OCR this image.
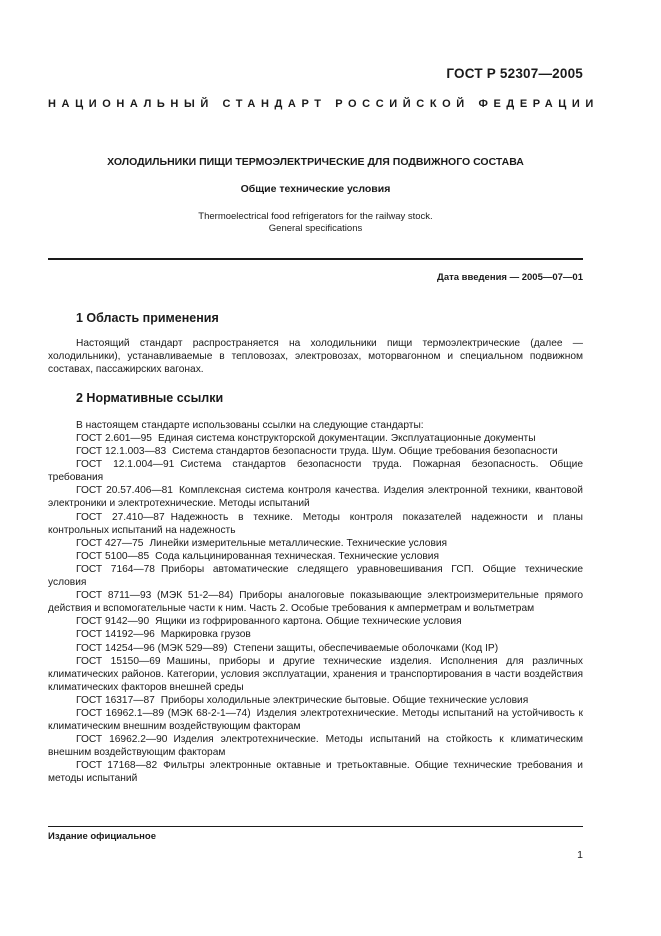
ГОСТ Р 52307—2005
НАЦИОНАЛЬНЫЙ СТАНДАРТ РОССИЙСКОЙ ФЕДЕРАЦИИ
ХОЛОДИЛЬНИКИ ПИЩИ ТЕРМОЭЛЕКТРИЧЕСКИЕ ДЛЯ ПОДВИЖНОГО СОСТАВА
Общие технические условия
Thermoelectrical food refrigerators for the railway stock.
General specifications
Дата введения — 2005—07—01
1 Область применения

Настоящий стандарт распространяется на холодильники пищи термоэлектрические (далее — холодильники), устанавливаемые в тепловозах, электровозах, моторвагонном и специальном подвижном составах, пассажирских вагонах.

2 Нормативные ссылки

В настоящем стандарте использованы ссылки на следующие стандарты:

ГОСТ 2.601—95 Единая система конструкторской документации. Эксплуатационные документы
ГОСТ 12.1.003—83 Система стандартов безопасности труда. Шум. Общие требования безопасности
ГОСТ 12.1.004—91 Система стандартов безопасности труда. Пожарная безопасность. Общие требования
ГОСТ 20.57.406—81 Комплексная система контроля качества. Изделия электронной техники, квантовой электроники и электротехнические. Методы испытаний
ГОСТ 27.410—87 Надежность в технике. Методы контроля показателей надежности и планы контрольных испытаний на надежность
ГОСТ 427—75 Линейки измерительные металлические. Технические условия
ГОСТ 5100—85 Сода кальцинированная техническая. Технические условия
ГОСТ 7164—78 Приборы автоматические следящего уравновешивания ГСП. Общие технические условия
ГОСТ 8711—93 (МЭК 51-2—84) Приборы аналоговые показывающие электроизмерительные прямого действия и вспомогательные части к ним. Часть 2. Особые требования к амперметрам и вольтметрам
ГОСТ 9142—90 Ящики из гофрированного картона. Общие технические условия
ГОСТ 14192—96 Маркировка грузов
ГОСТ 14254—96 (МЭК 529—89) Степени защиты, обеспечиваемые оболочками (Код IP)
ГОСТ 15150—69 Машины, приборы и другие технические изделия. Исполнения для различных климатических районов. Категории, условия эксплуатации, хранения и транспортирования в части воздействия климатических факторов внешней среды
ГОСТ 16317—87 Приборы холодильные электрические бытовые. Общие технические условия
ГОСТ 16962.1—89 (МЭК 68-2-1—74) Изделия электротехнические. Методы испытаний на устойчивость к климатическим внешним воздействующим факторам
ГОСТ 16962.2—90 Изделия электротехнические. Методы испытаний на стойкость к климатическим внешним воздействующим факторам
ГОСТ 17168—82 Фильтры электронные октавные и третьоктавные. Общие технические требования и методы испытаний
Издание официальное
1
